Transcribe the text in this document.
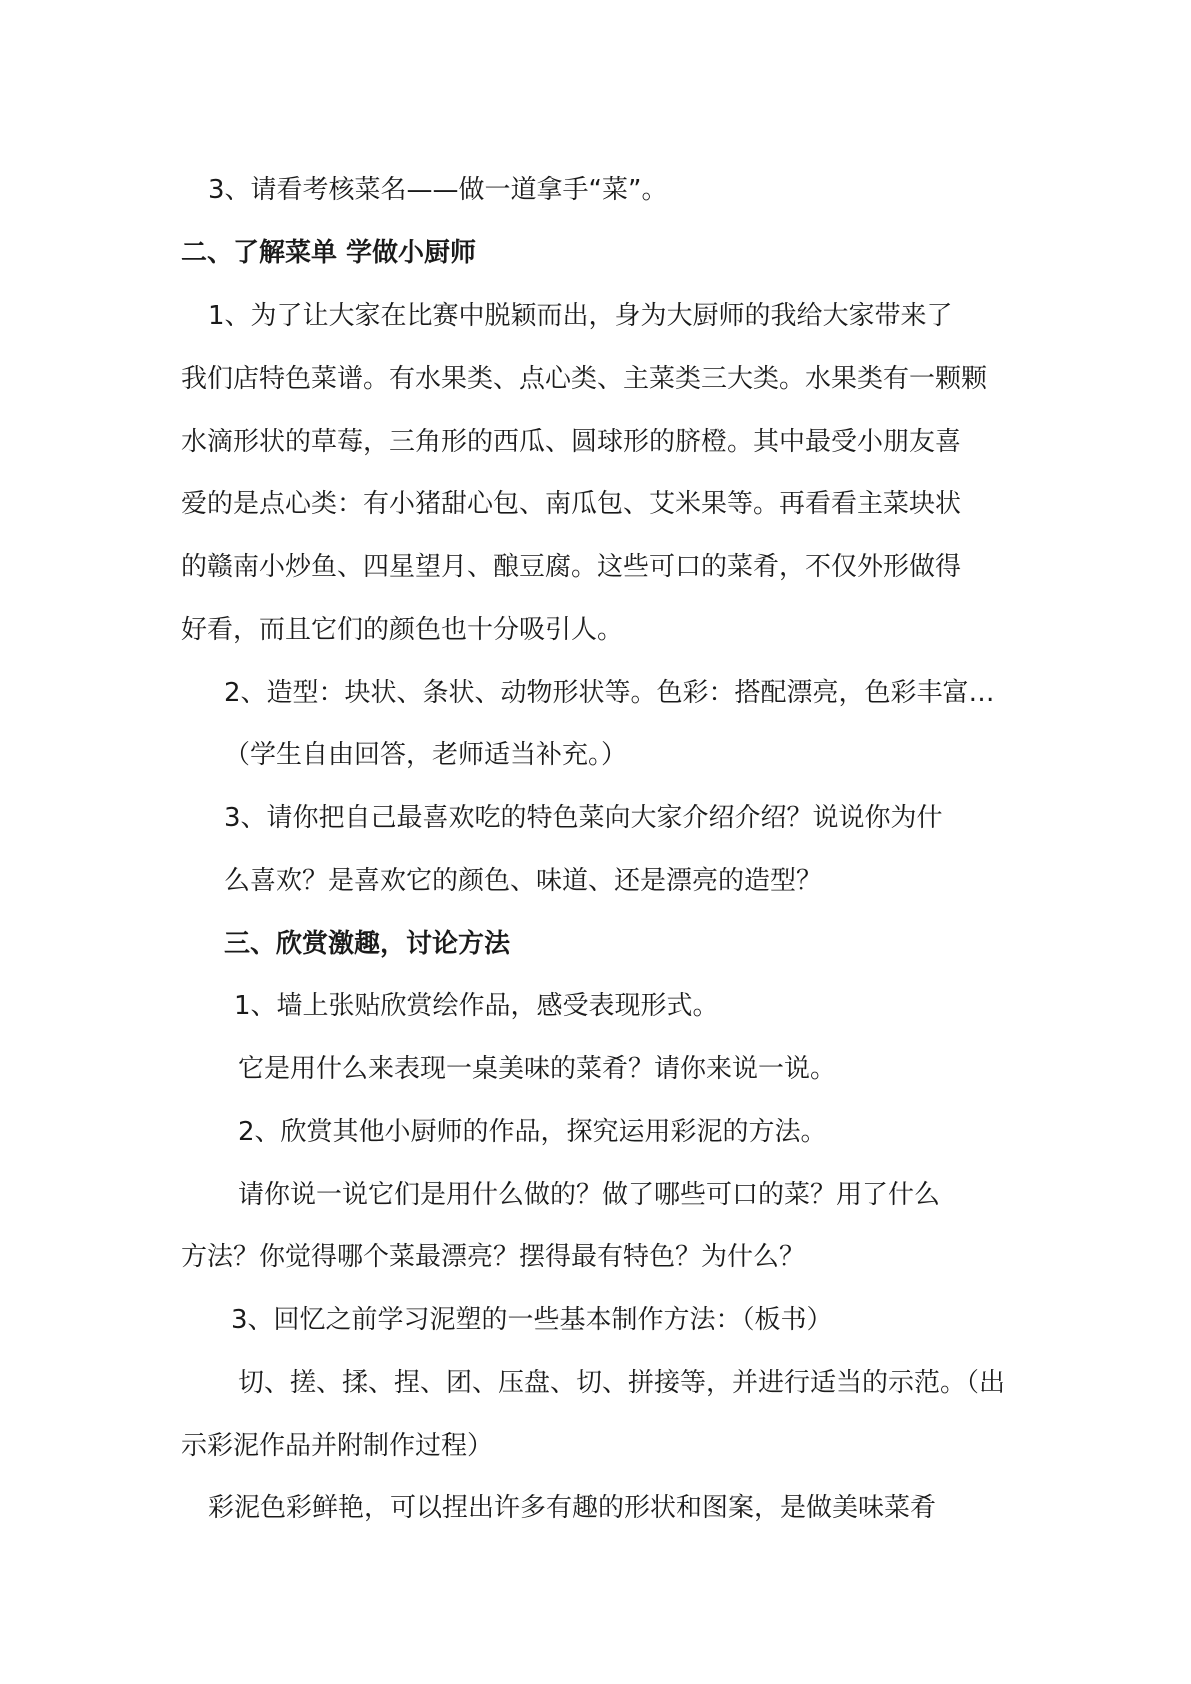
3、请看考核菜名——做一道拿手“菜”。
二、了解菜单 学做小厨师
1、为了让大家在比赛中脱颖而出，身为大厨师的我给大家带来了
我们店特色菜谱。有水果类、点心类、主菜类三大类。水果类有一颗颗
水滴形状的草莓，三角形的西瓜、圆球形的脐橙。其中最受小朋友喜
爱的是点心类：有小猪甜心包、南瓜包、艾米果等。再看看主菜块状
的赣南小炒鱼、四星望月、酿豆腐。这些可口的菜肴，不仅外形做得
好看，而且它们的颜色也十分吸引人。
2、造型：块状、条状、动物形状等。色彩：搭配漂亮，色彩丰富…
（学生自由回答，老师适当补充。）
3、请你把自己最喜欢吃的特色菜向大家介绍介绍？说说你为什
么喜欢？是喜欢它的颜色、味道、还是漂亮的造型？
三、欣赏激趣，讨论方法
1、墙上张贴欣赏绘作品，感受表现形式。
它是用什么来表现一桌美味的菜肴？请你来说一说。
2、欣赏其他小厨师的作品，探究运用彩泥的方法。
请你说一说它们是用什么做的？做了哪些可口的菜？用了什么
方法？你觉得哪个菜最漂亮？摆得最有特色？为什么？
3、回忆之前学习泥塑的一些基本制作方法：（板书）
切、搓、揉、捏、团、压盘、切、拼接等，并进行适当的示范。（出
示彩泥作品并附制作过程）
彩泥色彩鲜艳，可以捏出许多有趣的形状和图案，是做美味菜肴
